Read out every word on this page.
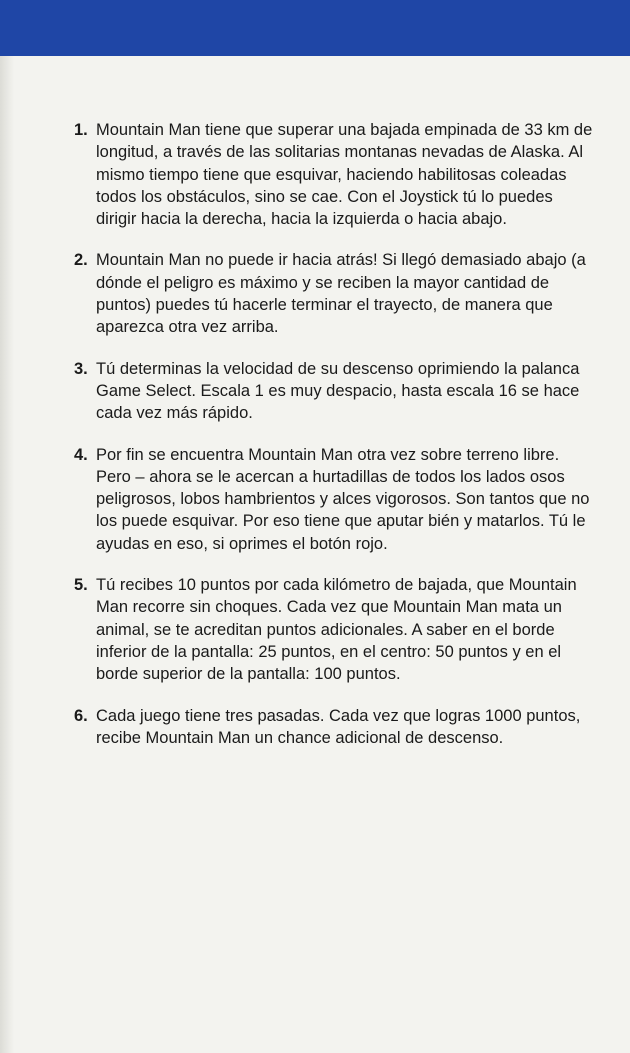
1. Mountain Man tiene que superar una bajada empinada de 33 km de longitud, a través de las solitarias montanas nevadas de Alaska. Al mismo tiempo tiene que esquivar, haciendo habilitosas coleadas todos los obstáculos, sino se cae. Con el Joystick tú lo puedes dirigir hacia la derecha, hacia la izquierda o hacia abajo.

2. Mountain Man no puede ir hacia atrás! Si llegó demasiado abajo (a dónde el peligro es máximo y se reciben la mayor cantidad de puntos) puedes tú hacerle terminar el trayecto, de manera que aparezca otra vez arriba.

3. Tú determinas la velocidad de su descenso oprimiendo la palanca Game Select. Escala 1 es muy despacio, hasta escala 16 se hace cada vez más rápido.

4. Por fin se encuentra Mountain Man otra vez sobre terreno libre. Pero – ahora se le acercan a hurtadillas de todos los lados osos peligrosos, lobos hambrientos y alces vigorosos. Son tantos que no los puede esquivar. Por eso tiene que aputar bién y matarlos. Tú le ayudas en eso, si oprimes el botón rojo.

5. Tú recibes 10 puntos por cada kilómetro de bajada, que Mountain Man recorre sin choques. Cada vez que Mountain Man mata un animal, se te acreditan puntos adicionales. A saber en el borde inferior de la pantalla: 25 puntos, en el centro: 50 puntos y en el borde superior de la pantalla: 100 puntos.

6. Cada juego tiene tres pasadas. Cada vez que logras 1000 puntos, recibe Mountain Man un chance adicional de descenso.
